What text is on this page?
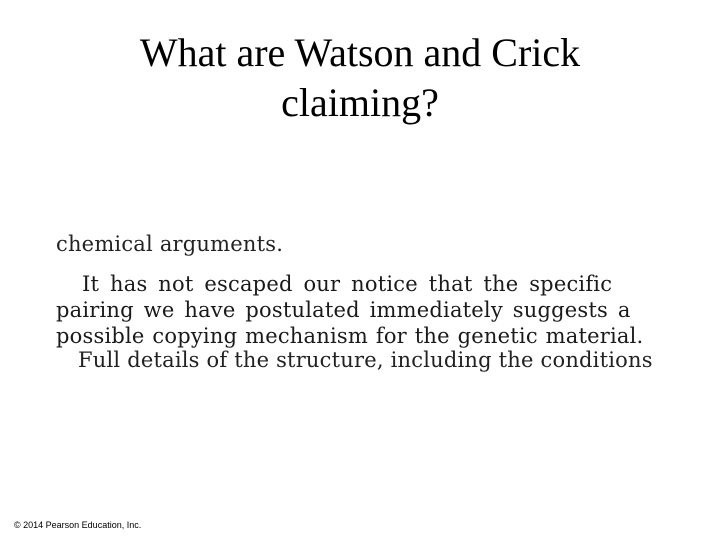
What are Watson and Crick
claiming?
chemical arguments.
It has not escaped our notice that the specific
pairing we have postulated immediately suggests a
possible copying mechanism for the genetic material.
Full details of the structure, including the conditions
© 2014 Pearson Education, Inc.
